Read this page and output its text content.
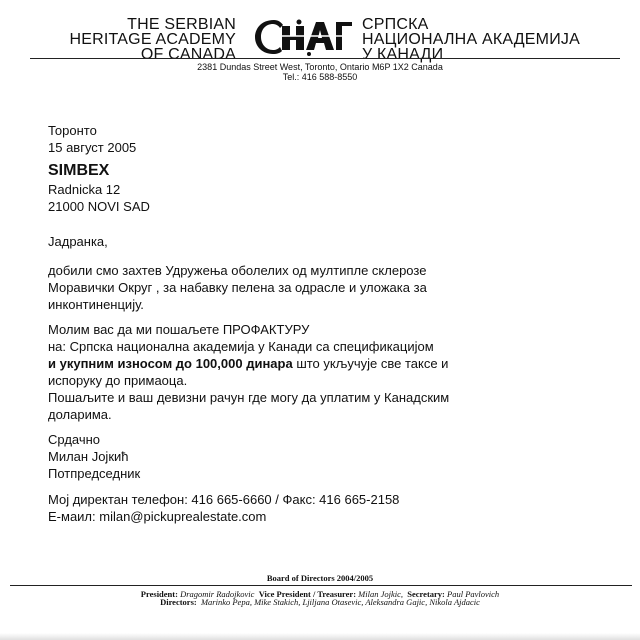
THE SERBIAN
HERITAGE ACADEMY
OF CANADA
СРПСКА
НАЦИОНАЛНА АКАДЕМИЈА
У КАНАДИ
2381 Dundas Street West, Toronto, Ontario M6P 1X2 Canada
Tel.: 416 588-8550
Торонто
15 август 2005
SIMBEX
Radnicka 12
21000 NOVI SAD
Јадранка,
добили смо захтев Удружења оболелих од мултипле склерозе
Моравички Округ , за набавку пелена за одрасле и уложака за
инконтиненцију.
Молим вас да ми пошаљете ПРОФАКТУРУ
на: Српска национална академија у Канади са спецификацијом
и укупним износом до 100,000 динара што укључује све таксе и
испоруку до примаоца.
Пошаљите и ваш девизни рачун где могу да уплатим у Канадским
доларима.
Срдачно
Милан Јојкић
Потпредседник
Мој директан телефон: 416 665-6660 / Факс: 416 665-2158
Е-маил: milan@pickuprealestate.com
Board of Directors 2004/2005
President: Dragomir Radojkovic Vice President / Treasurer: Milan Jojkic, Secretary: Paul Pavlovich
Directors: Marinko Pepa, Mike Stakich, Ljiljana Otasevic, Aleksandra Gajic, Nikola Ajdacic
